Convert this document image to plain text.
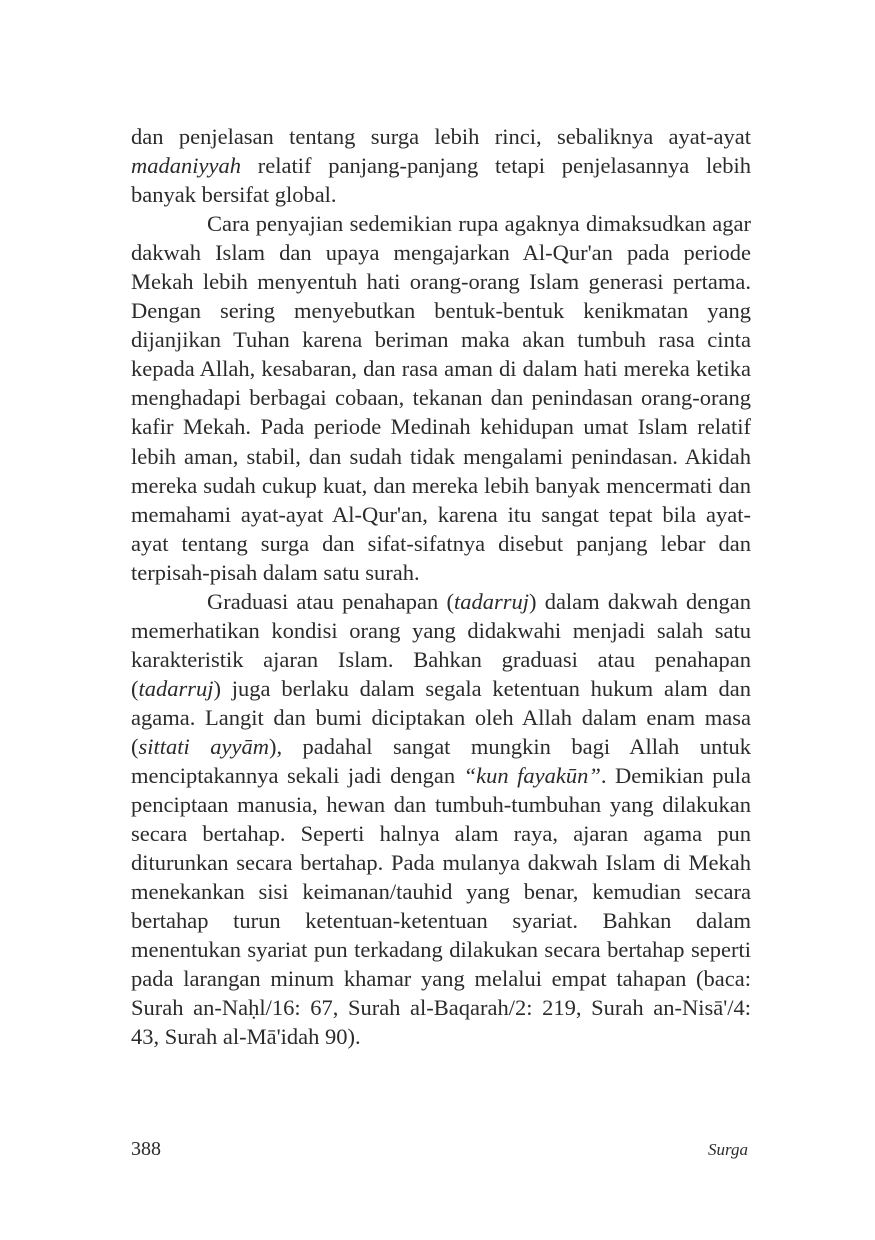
dan penjelasan tentang surga lebih rinci, sebaliknya ayat-ayat madaniyyah relatif panjang-panjang tetapi penjelasannya lebih banyak bersifat global.

Cara penyajian sedemikian rupa agaknya dimaksudkan agar dakwah Islam dan upaya mengajarkan Al-Qur'an pada periode Mekah lebih menyentuh hati orang-orang Islam generasi pertama. Dengan sering menyebutkan bentuk-bentuk kenikmatan yang dijanjikan Tuhan karena beriman maka akan tumbuh rasa cinta kepada Allah, kesabaran, dan rasa aman di dalam hati mereka ketika menghadapi berbagai cobaan, tekanan dan penindasan orang-orang kafir Mekah. Pada periode Medinah kehidupan umat Islam relatif lebih aman, stabil, dan sudah tidak mengalami penindasan. Akidah mereka sudah cukup kuat, dan mereka lebih banyak mencermati dan memahami ayat-ayat Al-Qur'an, karena itu sangat tepat bila ayat-ayat tentang surga dan sifat-sifatnya disebut panjang lebar dan terpisah-pisah dalam satu surah.

Graduasi atau penahapan (tadarruj) dalam dakwah dengan memerhatikan kondisi orang yang didakwahi menjadi salah satu karakteristik ajaran Islam. Bahkan graduasi atau penahapan (tadarruj) juga berlaku dalam segala ketentuan hukum alam dan agama. Langit dan bumi diciptakan oleh Allah dalam enam masa (sittati ayyām), padahal sangat mungkin bagi Allah untuk menciptakannya sekali jadi dengan “kun fayakūn”. Demikian pula penciptaan manusia, hewan dan tumbuh-tumbuhan yang dilakukan secara bertahap. Seperti halnya alam raya, ajaran agama pun diturunkan secara bertahap. Pada mulanya dakwah Islam di Mekah menekankan sisi keimanan/tauhid yang benar, kemudian secara bertahap turun ketentuan-ketentuan syariat. Bahkan dalam menentukan syariat pun terkadang dilakukan secara bertahap seperti pada larangan minum khamar yang melalui empat tahapan (baca: Surah an-Naḥl/16: 67, Surah al-Baqarah/2: 219, Surah an-Nisā'/4: 43, Surah al-Mā'idah 90).

388	Surga
